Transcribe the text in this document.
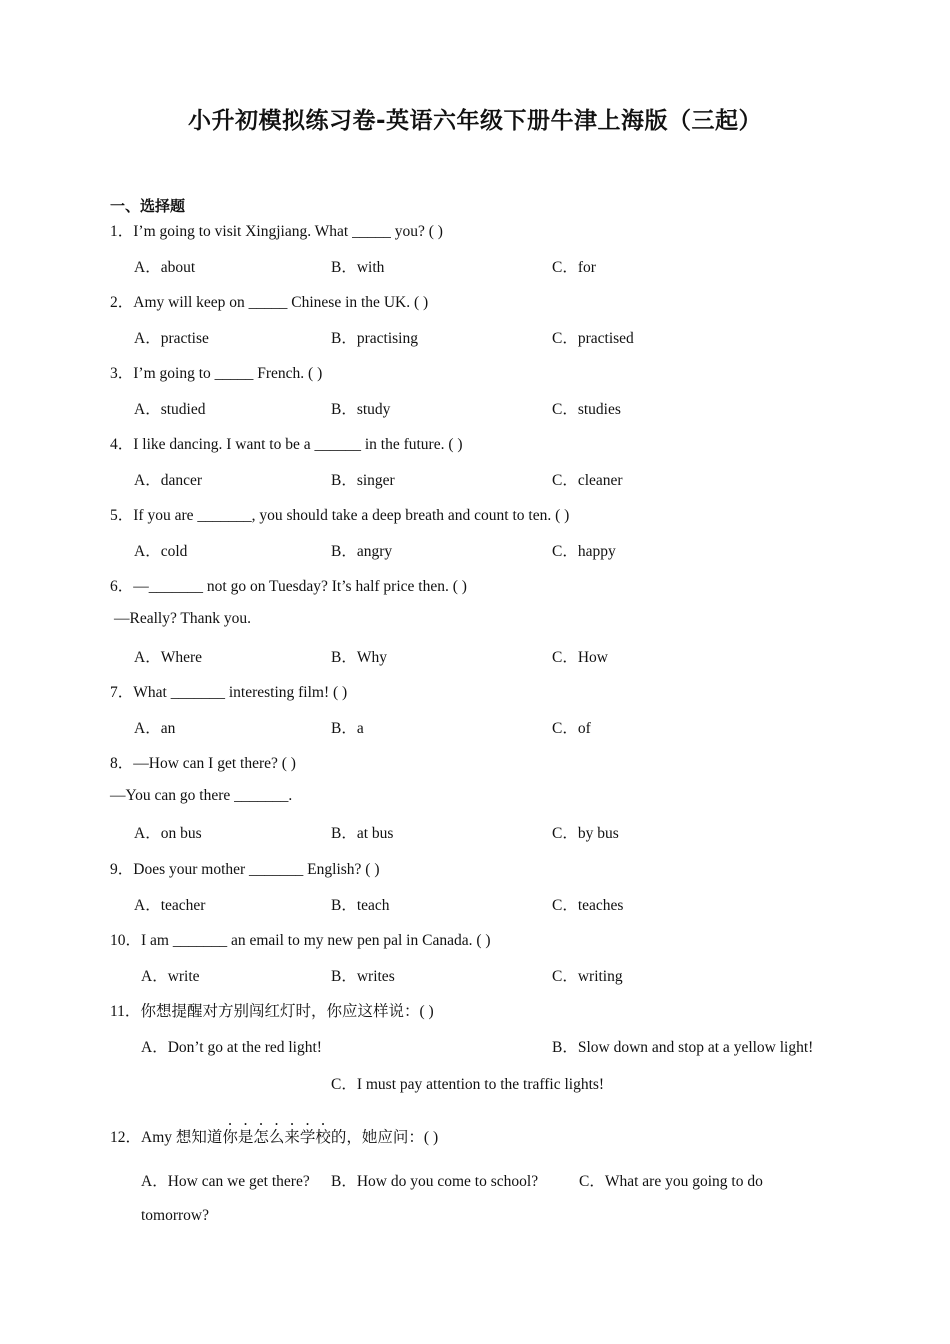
小升初模拟练习卷-英语六年级下册牛津上海版（三起）
一、选择题
1．I’m going to visit Xingjiang. What _____ you? ( )
A．about	B．with	C．for
2．Amy will keep on _____ Chinese in the UK. ( )
A．practise	B．practising	C．practised
3．I’m going to _____ French. ( )
A．studied	B．study	C．studies
4．I like dancing. I want to be a ______ in the future. ( )
A．dancer	B．singer	C．cleaner
5．If you are _______, you should take a deep breath and count to ten. ( )
A．cold	B．angry	C．happy
6．—_______ not go on Tuesday? It’s half price then. ( )
—Really? Thank you.
A．Where	B．Why	C．How
7．What _______ interesting film! ( )
A．an	B．a	C．of
8．—How can I get there? ( )
—You can go there _______.
A．on bus	B．at bus	C．by bus
9．Does your mother _______ English? ( )
A．teacher	B．teach	C．teaches
10．I am _______ an email to my new pen pal in Canada. ( )
A．write	B．writes	C．writing
11．你想提醒对方别闯红灯时，你应这样说：( )
A．Don’t go at the red light!	B．Slow down and stop at a yellow light!
C．I must pay attention to the traffic lights!
12．Amy 想知道你是怎么来学校的，她应问：( )
A．How can we get there? B．How do you come to school?	C．What are you going to do
tomorrow?
